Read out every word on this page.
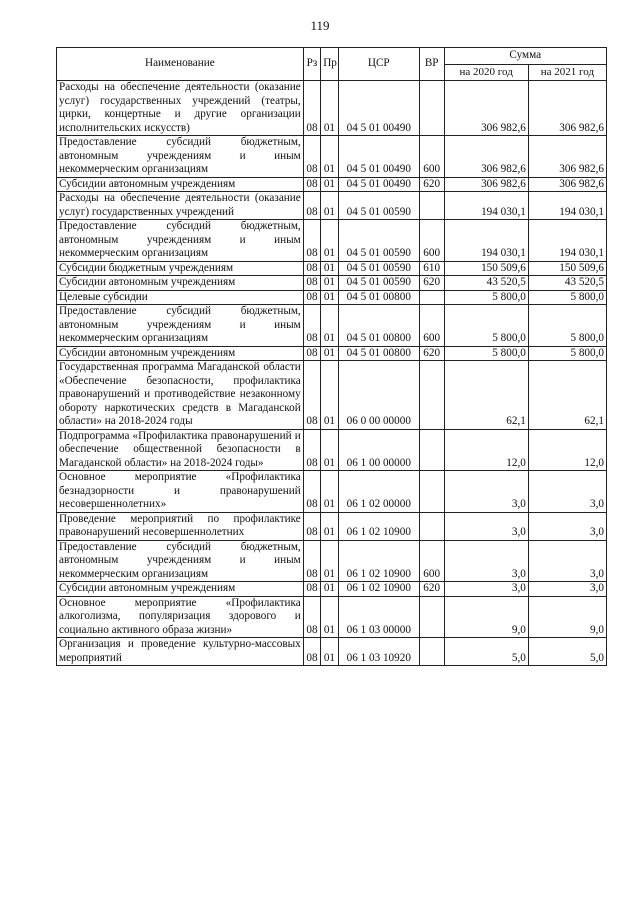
119
Наименование	Рз	Пр	ЦСР	ВР	Сумма	
					на 2020 год	на 2021 год
Расходы на обеспечение деятельности (оказание услуг) государственных учреждений (театры, цирки, концертные и другие организации исполнительских искусств)	08	01	04 5 01 00490		306 982,6	306 982,6
Предоставление субсидий бюджетным, автономным учреждениям и иным некоммерческим организациям	08	01	04 5 01 00490	600	306 982,6	306 982,6
Субсидии автономным учреждениям	08	01	04 5 01 00490	620	306 982,6	306 982,6
Расходы на обеспечение деятельности (оказание услуг) государственных учреждений	08	01	04 5 01 00590		194 030,1	194 030,1
Предоставление субсидий бюджетным, автономным учреждениям и иным некоммерческим организациям	08	01	04 5 01 00590	600	194 030,1	194 030,1
Субсидии бюджетным учреждениям	08	01	04 5 01 00590	610	150 509,6	150 509,6
Субсидии автономным учреждениям	08	01	04 5 01 00590	620	43 520,5	43 520,5
Целевые субсидии	08	01	04 5 01 00800		5 800,0	5 800,0
Предоставление субсидий бюджетным, автономным учреждениям и иным некоммерческим организациям	08	01	04 5 01 00800	600	5 800,0	5 800,0
Субсидии автономным учреждениям	08	01	04 5 01 00800	620	5 800,0	5 800,0
Государственная программа Магаданской области «Обеспечение безопасности, профилактика правонарушений и противодействие незаконному обороту наркотических средств в Магаданской области» на 2018-2024 годы	08	01	06 0 00 00000		62,1	62,1
Подпрограмма «Профилактика правонарушений и обеспечение общественной безопасности в Магаданской области» на 2018-2024 годы»	08	01	06 1 00 00000		12,0	12,0
Основное мероприятие «Профилактика безнадзорности и правонарушений несовершеннолетних»	08	01	06 1 02 00000		3,0	3,0
Проведение мероприятий по профилактике правонарушений несовершеннолетних	08	01	06 1 02 10900		3,0	3,0
Предоставление субсидий бюджетным, автономным учреждениям и иным некоммерческим организациям	08	01	06 1 02 10900	600	3,0	3,0
Субсидии автономным учреждениям	08	01	06 1 02 10900	620	3,0	3,0
Основное мероприятие «Профилактика алкоголизма, популяризация здорового и социально активного образа жизни»	08	01	06 1 03 00000		9,0	9,0
Организация и проведение культурно-массовых мероприятий	08	01	06 1 03 10920		5,0	5,0
